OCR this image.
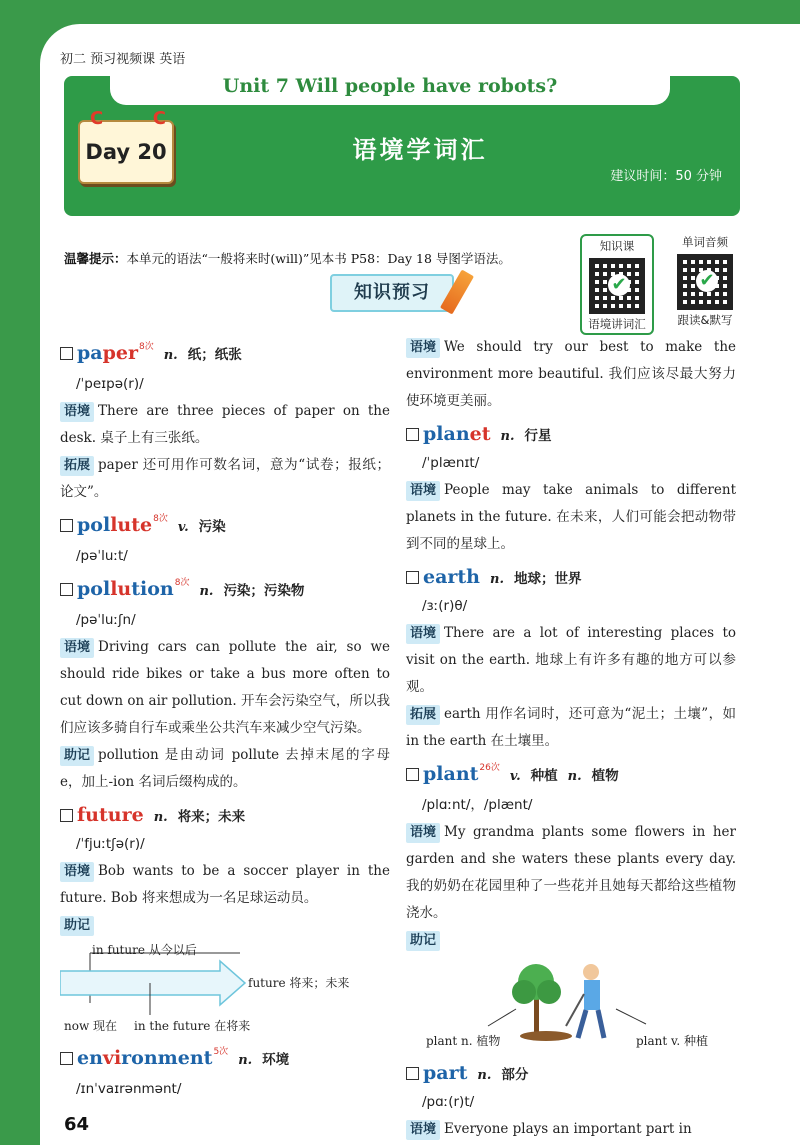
初二 预习视频课 英语
Unit 7 Will people have robots?
C	C
Day 20	语境学词汇
建议时间：50 分钟
温馨提示：本单元的语法“一般将来时(will)”见本书 P58：Day 18 导图学语法。
知识课
✔
语境讲词汇
单词音频
✔
跟读&默写
知识预习
paper$^{8次}$
n. 纸；纸张
/ˈpeɪpə(r)/
语境 There are three pieces of paper on the desk. 桌子上有三张纸。
拓展 paper 还可用作可数名词，意为“试卷；报纸；论文”。
pollute$^{8次}$
v. 污染
/pəˈluːt/
pollution$^{8次}$
n. 污染；污染物
/pəˈluːʃn/
语境 Driving cars can pollute the air, so we should ride bikes or take a bus more often to cut down on air pollution. 开车会污染空气，所以我们应该多骑自行车或乘坐公共汽车来减少空气污染。
助记 pollution 是由动词 pollute 去掉末尾的字母 e，加上-ion 名词后缀构成的。
future n. 将来；未来
/ˈfjuːtʃə(r)/
语境 Bob wants to be a soccer player in the future. Bob 将来想成为一名足球运动员。
助记
in future 从今以后
future 将来；未来
now 现在 in the future 在将来
environment$^{5次}$
n. 环境
/ɪnˈvaɪrənmənt/
语境 We should try our best to make the environment more beautiful. 我们应该尽最大努力使环境更美丽。
planet n. 行星
/ˈplænɪt/
语境 People may take animals to different planets in the future. 在未来，人们可能会把动物带到不同的星球上。
earth n. 地球；世界
/ɜː(r)θ/
语境 There are a lot of interesting places to visit on the earth. 地球上有许多有趣的地方可以参观。
拓展 earth 用作名词时，还可意为“泥土；土壤”，如 in the earth 在土壤里。
plant$^{26次}$
v. 种植 n. 植物
/plɑːnt/，/plænt/
语境 My grandma plants some flowers in her garden and she waters these plants every day. 我的奶奶在花园里种了一些花并且她每天都给这些植物浇水。
助记
plant n. 植物	plant v. 种植
part n. 部分
/pɑː(r)t/
语境 Everyone plays an important part in
64
